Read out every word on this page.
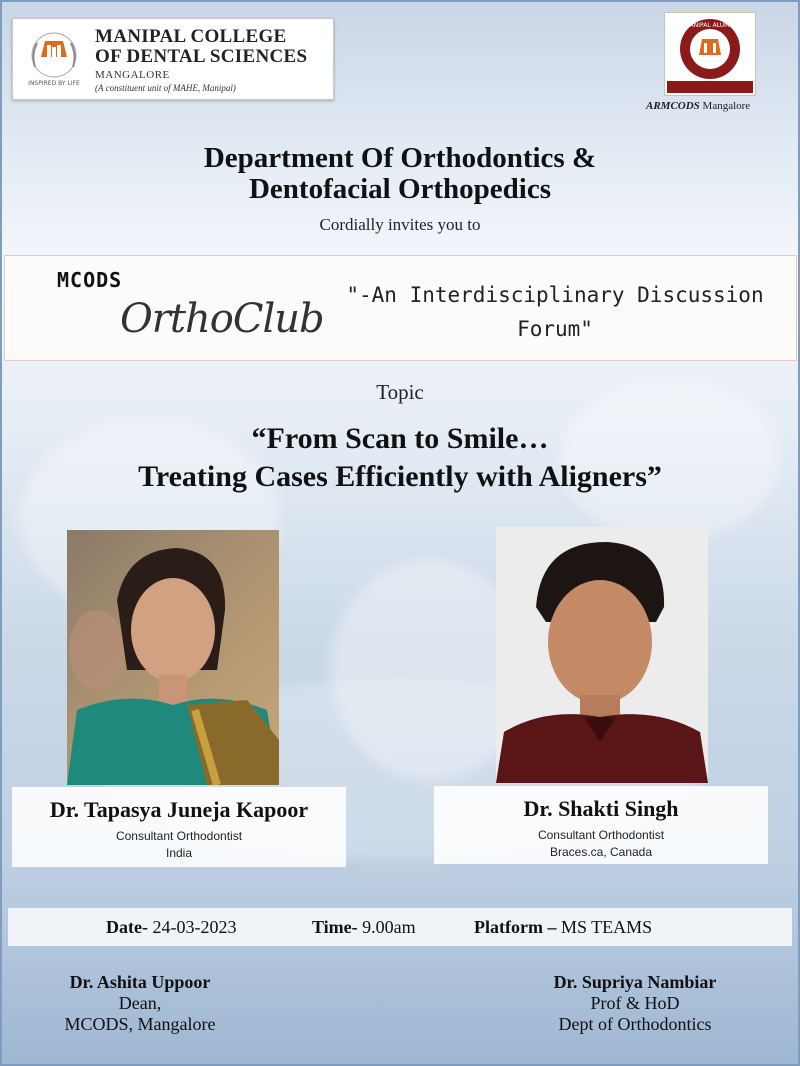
INSPIRED BY LIFE
MANIPAL COLLEGE
OF DENTAL SCIENCES
MANGALORE
(A constituent unit of MAHE, Manipal)
MANIPAL ALUMNI
ARMCODS Mangalore
Department Of Orthodontics &
Dentofacial Orthopedics
Cordially invites you to
MCODS
OrthoClub
"-An Interdisciplinary Discussion
Forum"
Topic
“From Scan to Smile…
Treating Cases Efficiently with Aligners”
Dr. Tapasya Juneja Kapoor
Consultant Orthodontist
India
Dr. Shakti Singh
Consultant Orthodontist
Braces.ca, Canada
Date- 24-03-2023	Time- 9.00am	Platform – MS TEAMS
Dr. Ashita Uppoor
Dean,
MCODS, Mangalore
Dr. Supriya Nambiar
Prof & HoD
Dept of Orthodontics
